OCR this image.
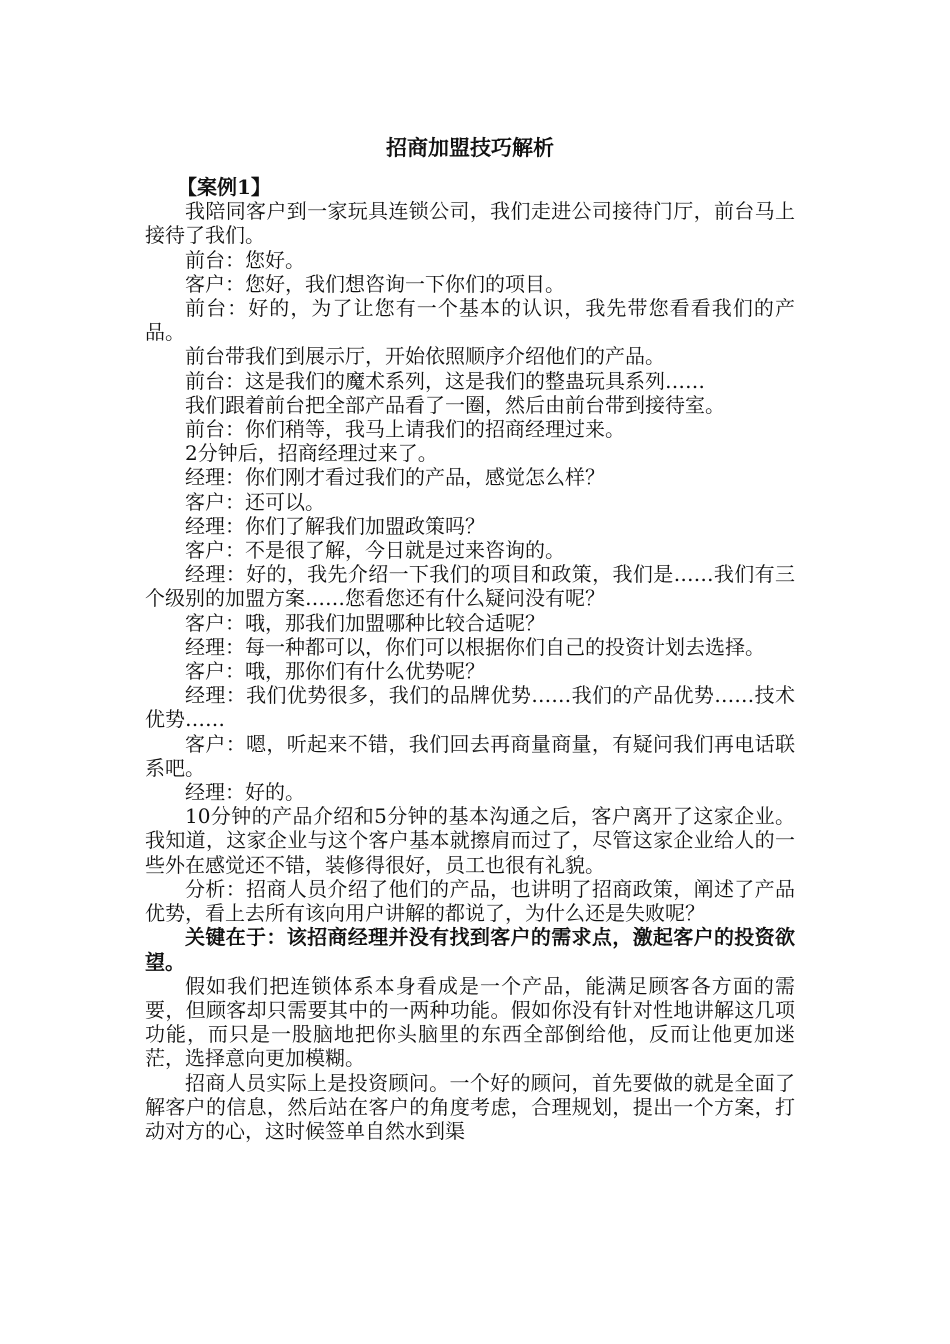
招商加盟技巧解析

【案例1】

我陪同客户到一家玩具连锁公司，我们走进公司接待门厅，前台马上接待了我们。

前台：您好。

客户：您好，我们想咨询一下你们的项目。

前台：好的，为了让您有一个基本的认识，我先带您看看我们的产品。

前台带我们到展示厅，开始依照顺序介绍他们的产品。

前台：这是我们的魔术系列，这是我们的整蛊玩具系列……

我们跟着前台把全部产品看了一圈，然后由前台带到接待室。

前台：你们稍等，我马上请我们的招商经理过来。

2分钟后，招商经理过来了。

经理：你们刚才看过我们的产品，感觉怎么样？

客户：还可以。

经理：你们了解我们加盟政策吗？

客户：不是很了解，今日就是过来咨询的。

经理：好的，我先介绍一下我们的项目和政策，我们是……我们有三个级别的加盟方案……您看您还有什么疑问没有呢？

客户：哦，那我们加盟哪种比较合适呢？

经理：每一种都可以，你们可以根据你们自己的投资计划去选择。

客户：哦，那你们有什么优势呢？

经理：我们优势很多，我们的品牌优势……我们的产品优势……技术优势……

客户：嗯，听起来不错，我们回去再商量商量，有疑问我们再电话联系吧。

经理：好的。

10分钟的产品介绍和5分钟的基本沟通之后，客户离开了这家企业。我知道，这家企业与这个客户基本就擦肩而过了，尽管这家企业给人的一些外在感觉还不错，装修得很好，员工也很有礼貌。

分析：招商人员介绍了他们的产品，也讲明了招商政策，阐述了产品优势，看上去所有该向用户讲解的都说了，为什么还是失败呢？

关键在于：该招商经理并没有找到客户的需求点，激起客户的投资欲望。

假如我们把连锁体系本身看成是一个产品，能满足顾客各方面的需要，但顾客却只需要其中的一两种功能。假如你没有针对性地讲解这几项功能，而只是一股脑地把你头脑里的东西全部倒给他，反而让他更加迷茫，选择意向更加模糊。

招商人员实际上是投资顾问。一个好的顾问，首先要做的就是全面了解客户的信息，然后站在客户的角度考虑，合理规划，提出一个方案，打动对方的心，这时候签单自然水到渠
